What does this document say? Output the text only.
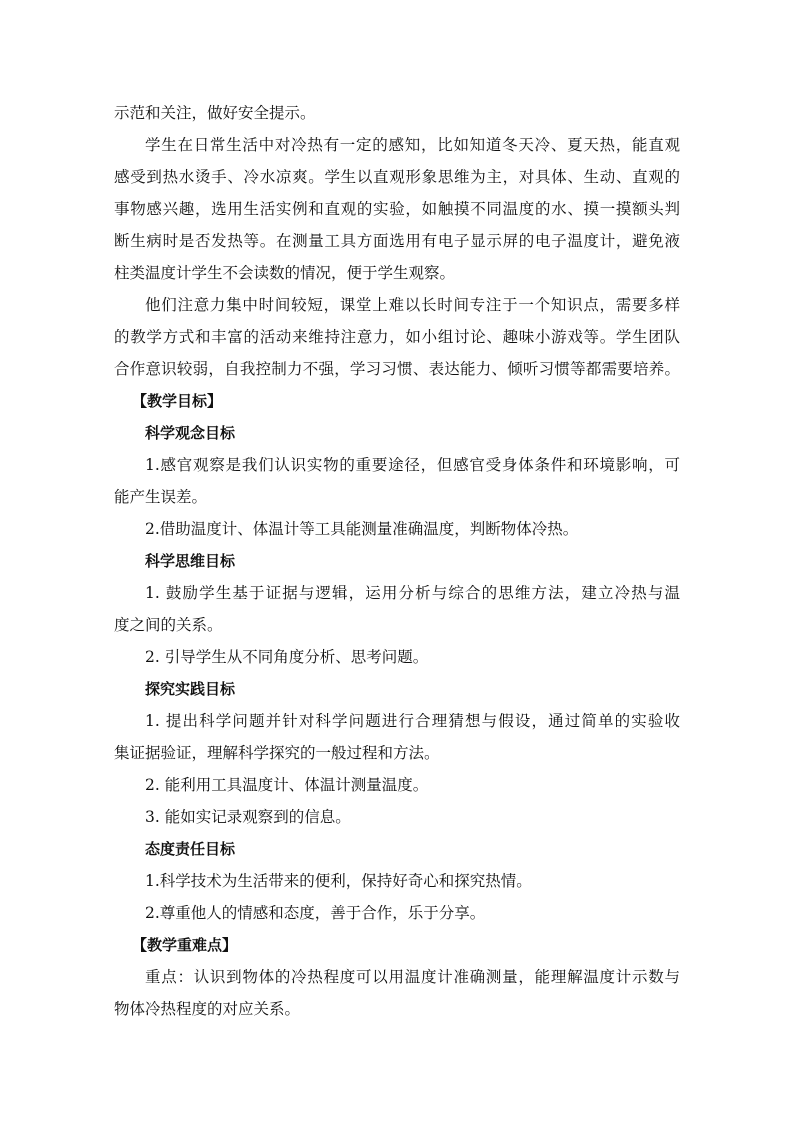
示范和关注，做好安全提示。
学生在日常生活中对冷热有一定的感知，比如知道冬天冷、夏天热，能直观
感受到热水烫手、冷水凉爽。学生以直观形象思维为主，对具体、生动、直观的
事物感兴趣，选用生活实例和直观的实验，如触摸不同温度的水、摸一摸额头判
断生病时是否发热等。在测量工具方面选用有电子显示屏的电子温度计，避免液
柱类温度计学生不会读数的情况，便于学生观察。
他们注意力集中时间较短，课堂上难以长时间专注于一个知识点，需要多样
的教学方式和丰富的活动来维持注意力，如小组讨论、趣味小游戏等。学生团队
合作意识较弱，自我控制力不强，学习习惯、表达能力、倾听习惯等都需要培养。
【教学目标】
科学观念目标
1.感官观察是我们认识实物的重要途径，但感官受身体条件和环境影响，可
能产生误差。
2.借助温度计、体温计等工具能测量准确温度，判断物体冷热。
科学思维目标
1. 鼓励学生基于证据与逻辑，运用分析与综合的思维方法，建立冷热与温
度之间的关系。
2. 引导学生从不同角度分析、思考问题。
探究实践目标
1. 提出科学问题并针对科学问题进行合理猜想与假设，通过简单的实验收
集证据验证，理解科学探究的一般过程和方法。
2. 能利用工具温度计、体温计测量温度。
3. 能如实记录观察到的信息。
态度责任目标
1.科学技术为生活带来的便利，保持好奇心和探究热情。
2.尊重他人的情感和态度，善于合作，乐于分享。
【教学重难点】
重点：认识到物体的冷热程度可以用温度计准确测量，能理解温度计示数与
物体冷热程度的对应关系。
